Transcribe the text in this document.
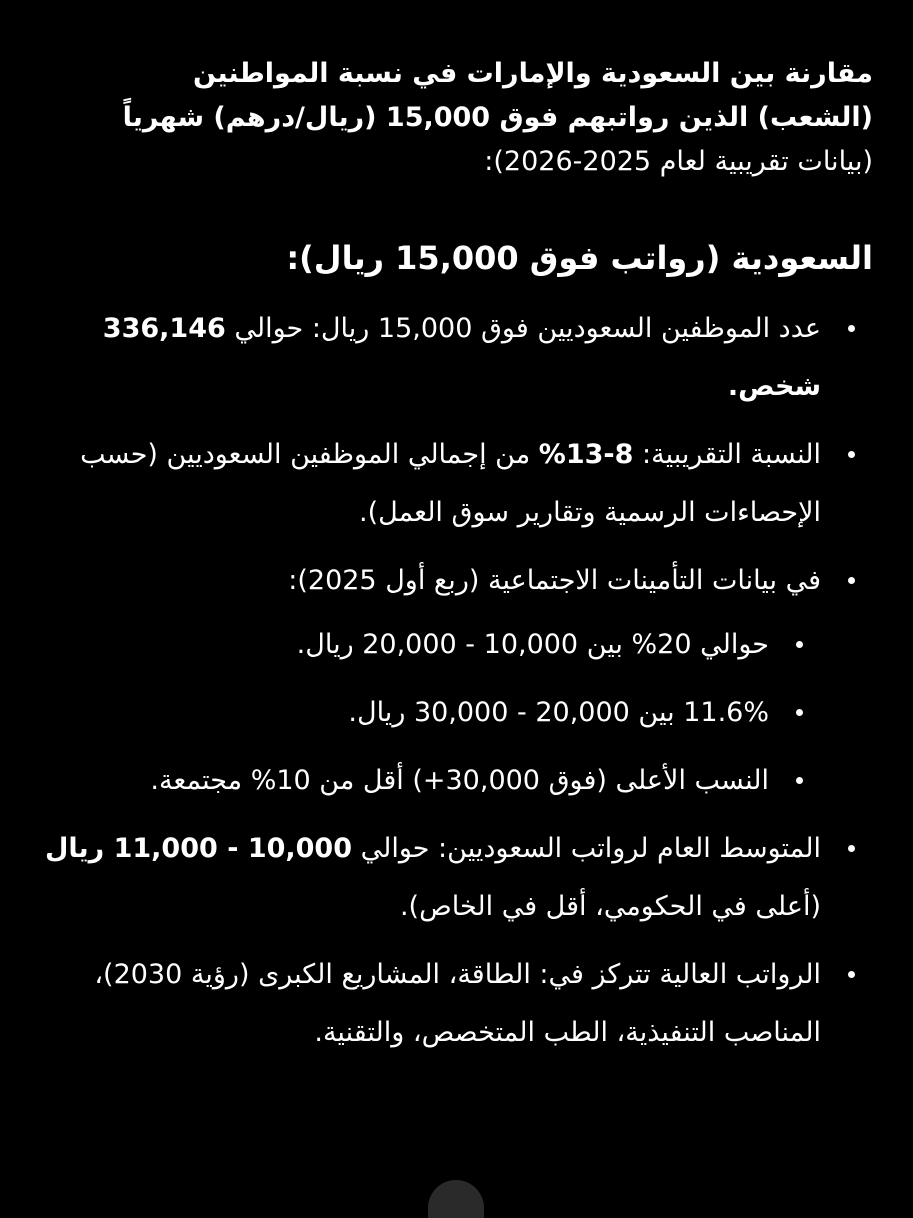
مقارنة بين السعودية والإمارات في نسبة المواطنين
(الشعب) الذين رواتبهم فوق 15,000 (ريال/درهم) شهرياً
(بيانات تقريبية لعام 2025-2026):

السعودية (رواتب فوق 15,000 ريال):
عدد الموظفين السعوديين فوق 15,000 ريال: حوالي 336,146 شخص.
النسبة التقريبية: 8-13% من إجمالي الموظفين السعوديين (حسب الإحصاءات الرسمية وتقارير سوق العمل).
في بيانات التأمينات الاجتماعية (ربع أول 2025):
حوالي 20% بين 10,000 - 20,000 ريال.
11.6% بين 20,000 - 30,000 ريال.
النسب الأعلى (فوق 30,000+) أقل من 10% مجتمعة.
المتوسط العام لرواتب السعوديين: حوالي 10,000 - 11,000 ريال (أعلى في الحكومي، أقل في الخاص).
الرواتب العالية تتركز في: الطاقة، المشاريع الكبرى (رؤية 2030)، المناصب التنفيذية، الطب المتخصص، والتقنية.
